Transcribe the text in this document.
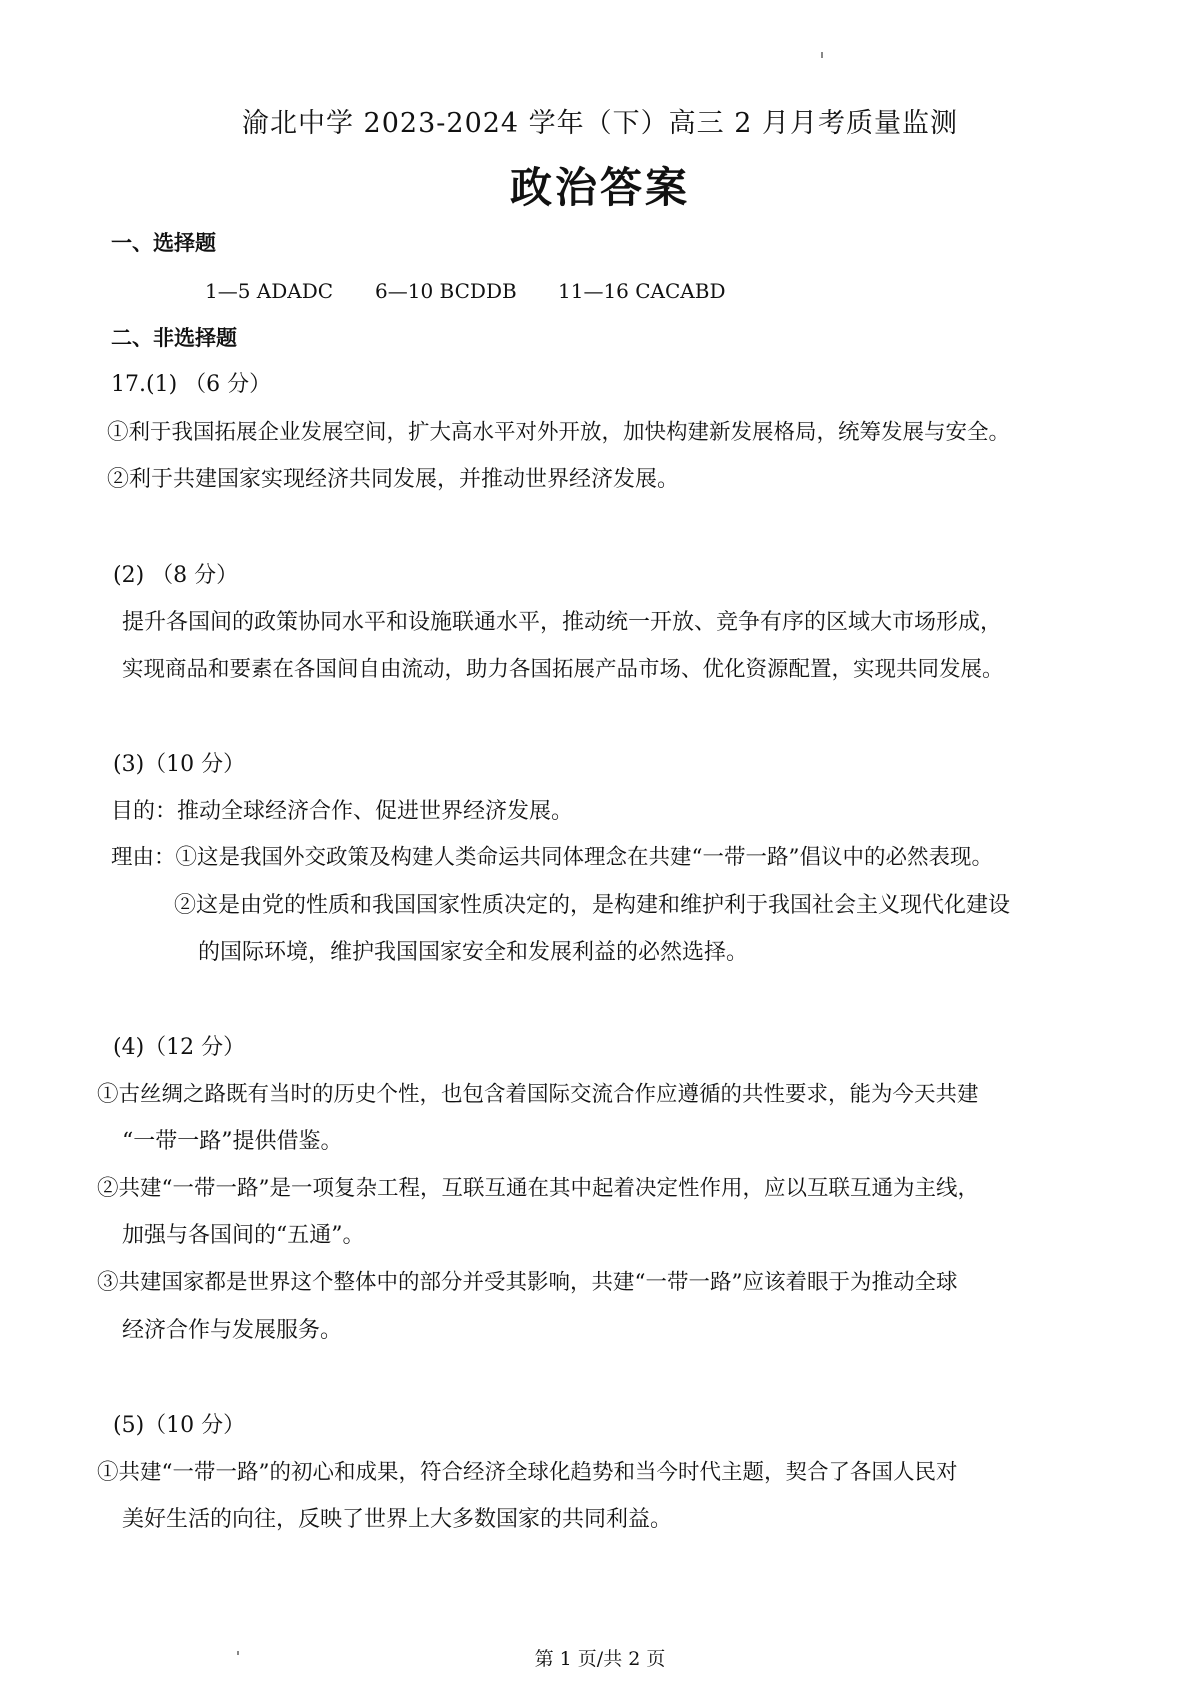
渝北中学 2023-2024 学年（下）高三 2 月月考质量监测
政治答案
一、选择题
1—5 ADADC 6—10 BCDDB 11—16 CACABD
二、非选择题
17.(1) （6 分）
①利于我国拓展企业发展空间，扩大高水平对外开放，加快构建新发展格局，统筹发展与安全。
②利于共建国家实现经济共同发展，并推动世界经济发展。
(2) （8 分）
提升各国间的政策协同水平和设施联通水平，推动统一开放、竞争有序的区域大市场形成，
实现商品和要素在各国间自由流动，助力各国拓展产品市场、优化资源配置，实现共同发展。
(3)（10 分）
目的：推动全球经济合作、促进世界经济发展。
理由：①这是我国外交政策及构建人类命运共同体理念在共建“一带一路”倡议中的必然表现。
②这是由党的性质和我国国家性质决定的，是构建和维护利于我国社会主义现代化建设
的国际环境，维护我国国家安全和发展利益的必然选择。
(4)（12 分）
①古丝绸之路既有当时的历史个性，也包含着国际交流合作应遵循的共性要求，能为今天共建
“一带一路”提供借鉴。
②共建“一带一路”是一项复杂工程，互联互通在其中起着决定性作用，应以互联互通为主线，
加强与各国间的“五通”。
③共建国家都是世界这个整体中的部分并受其影响，共建“一带一路”应该着眼于为推动全球
经济合作与发展服务。
(5)（10 分）
①共建“一带一路”的初心和成果，符合经济全球化趋势和当今时代主题，契合了各国人民对
美好生活的向往，反映了世界上大多数国家的共同利益。
第 1 页/共 2 页
